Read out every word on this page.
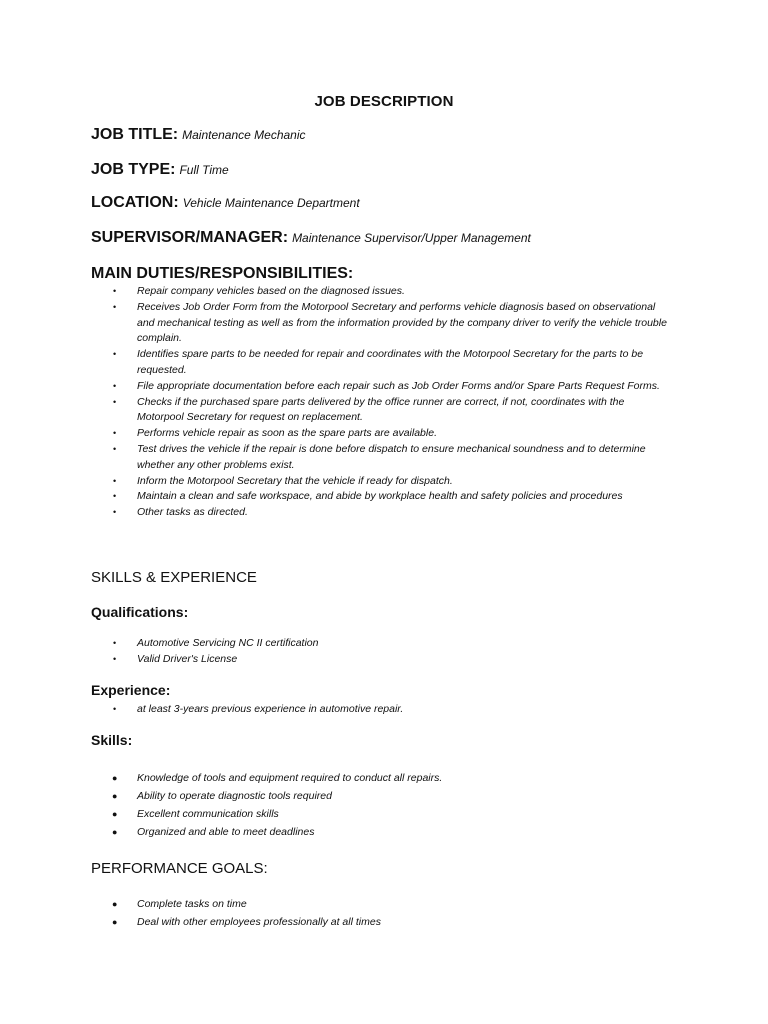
JOB DESCRIPTION
JOB TITLE: Maintenance Mechanic
JOB TYPE: Full Time
LOCATION: Vehicle Maintenance Department
SUPERVISOR/MANAGER: Maintenance Supervisor/Upper Management
MAIN DUTIES/RESPONSIBILITIES:
• Repair company vehicles based on the diagnosed issues.
• Receives Job Order Form from the Motorpool Secretary and performs vehicle diagnosis based on observational and mechanical testing as well as from the information provided by the company driver to verify the vehicle trouble complain.
• Identifies spare parts to be needed for repair and coordinates with the Motorpool Secretary for the parts to be requested.
• File appropriate documentation before each repair such as Job Order Forms and/or Spare Parts Request Forms.
• Checks if the purchased spare parts delivered by the office runner are correct, if not, coordinates with the Motorpool Secretary for request on replacement.
• Performs vehicle repair as soon as the spare parts are available.
• Test drives the vehicle if the repair is done before dispatch to ensure mechanical soundness and to determine whether any other problems exist.
• Inform the Motorpool Secretary that the vehicle if ready for dispatch.
• Maintain a clean and safe workspace, and abide by workplace health and safety policies and procedures
• Other tasks as directed.
SKILLS & EXPERIENCE
Qualifications:
• Automotive Servicing NC II certification
• Valid Driver's License
Experience:
• at least 3-years previous experience in automotive repair.
Skills:
● Knowledge of tools and equipment required to conduct all repairs.
● Ability to operate diagnostic tools required
● Excellent communication skills
● Organized and able to meet deadlines
PERFORMANCE GOALS:
● Complete tasks on time
● Deal with other employees professionally at all times
